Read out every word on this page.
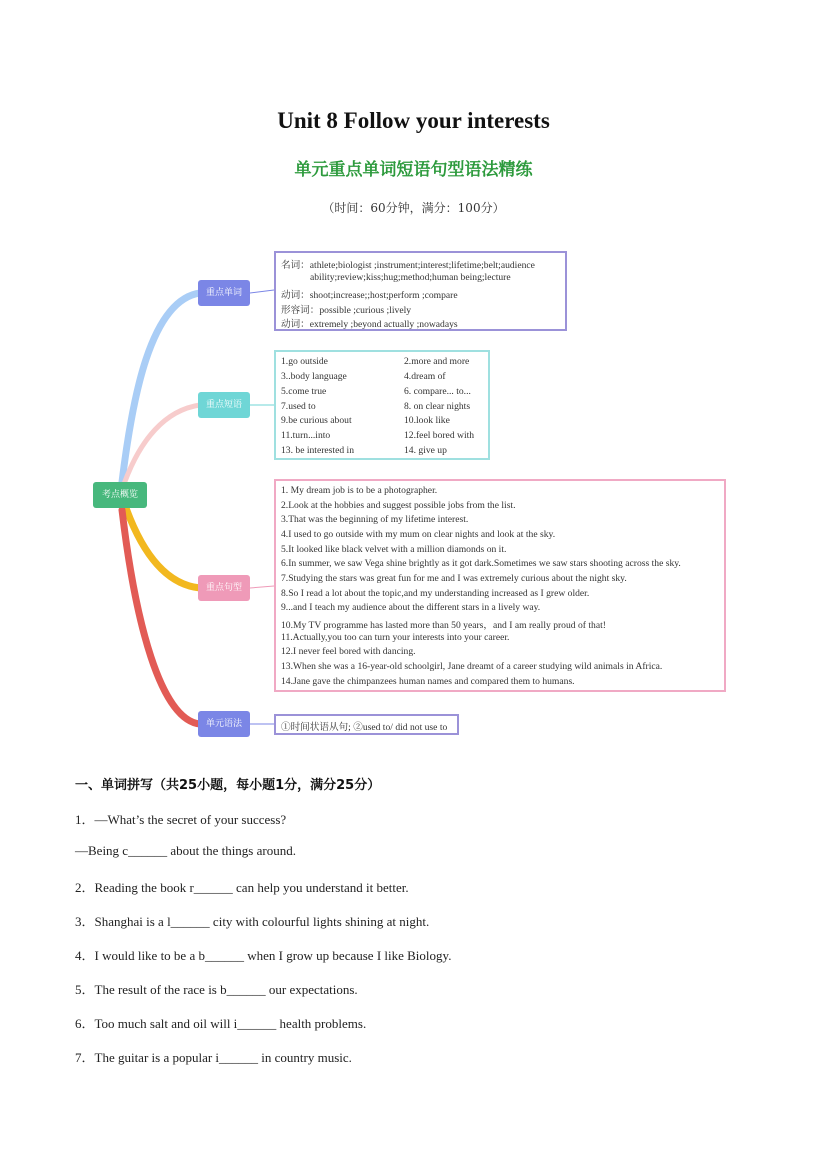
Unit 8 Follow your interests
单元重点单词短语句型语法精练
（时间：60分钟，满分：100分）
考点概览
重点单词
重点短语
重点句型
单元语法
名词：athlete;biologist ;instrument;interest;lifetime;belt;audience
ability;review;kiss;hug;method;human being;lecture
动词：shoot;increase;;host;perform ;compare
形容词：possible ;curious ;lively
动词：extremely ;beyond actually ;nowadays
1.go outside
3..body language
5.come true
7.used to
9.be curious about
11.turn...into
13. be interested in
2.more and more
4.dream of
6. compare... to...
8. on clear nights
10.look like
12.feel bored with
14. give up
1. My dream job is to be a photographer.
2.Look at the hobbies and suggest possible jobs from the list.
3.That was the beginning of my lifetime interest.
4.I used to go outside with my mum on clear nights and look at the sky.
5.It looked like black velvet with a million diamonds on it.
6.In summer, we saw Vega shine brightly as it got dark.Sometimes we saw stars shooting across the sky.
7.Studying the stars was great fun for me and I was extremely curious about the night sky.
8.So I read a lot about the topic,and my understanding increased as I grew older.
9...and I teach my audience about the different stars in a lively way.
10.My TV programme has lasted more than 50 years，and I am really proud of that!
11.Actually,you too can turn your interests into your career.
12.I never feel bored with dancing.
13.When she was a 16-year-old schoolgirl, Jane dreamt of a career studying wild animals in Africa.
14.Jane gave the chimpanzees human names and compared them to humans.
①时间状语从句; ②used to/ did not use to
一、单词拼写（共25小题，每小题1分，满分25分）
1．—What’s the secret of your success?
—Being c______ about the things around.
2．Reading the book r______ can help you understand it better.
3．Shanghai is a l______ city with colourful lights shining at night.
4．I would like to be a b______ when I grow up because I like Biology.
5．The result of the race is b______ our expectations.
6．Too much salt and oil will i______ health problems.
7．The guitar is a popular i______ in country music.
